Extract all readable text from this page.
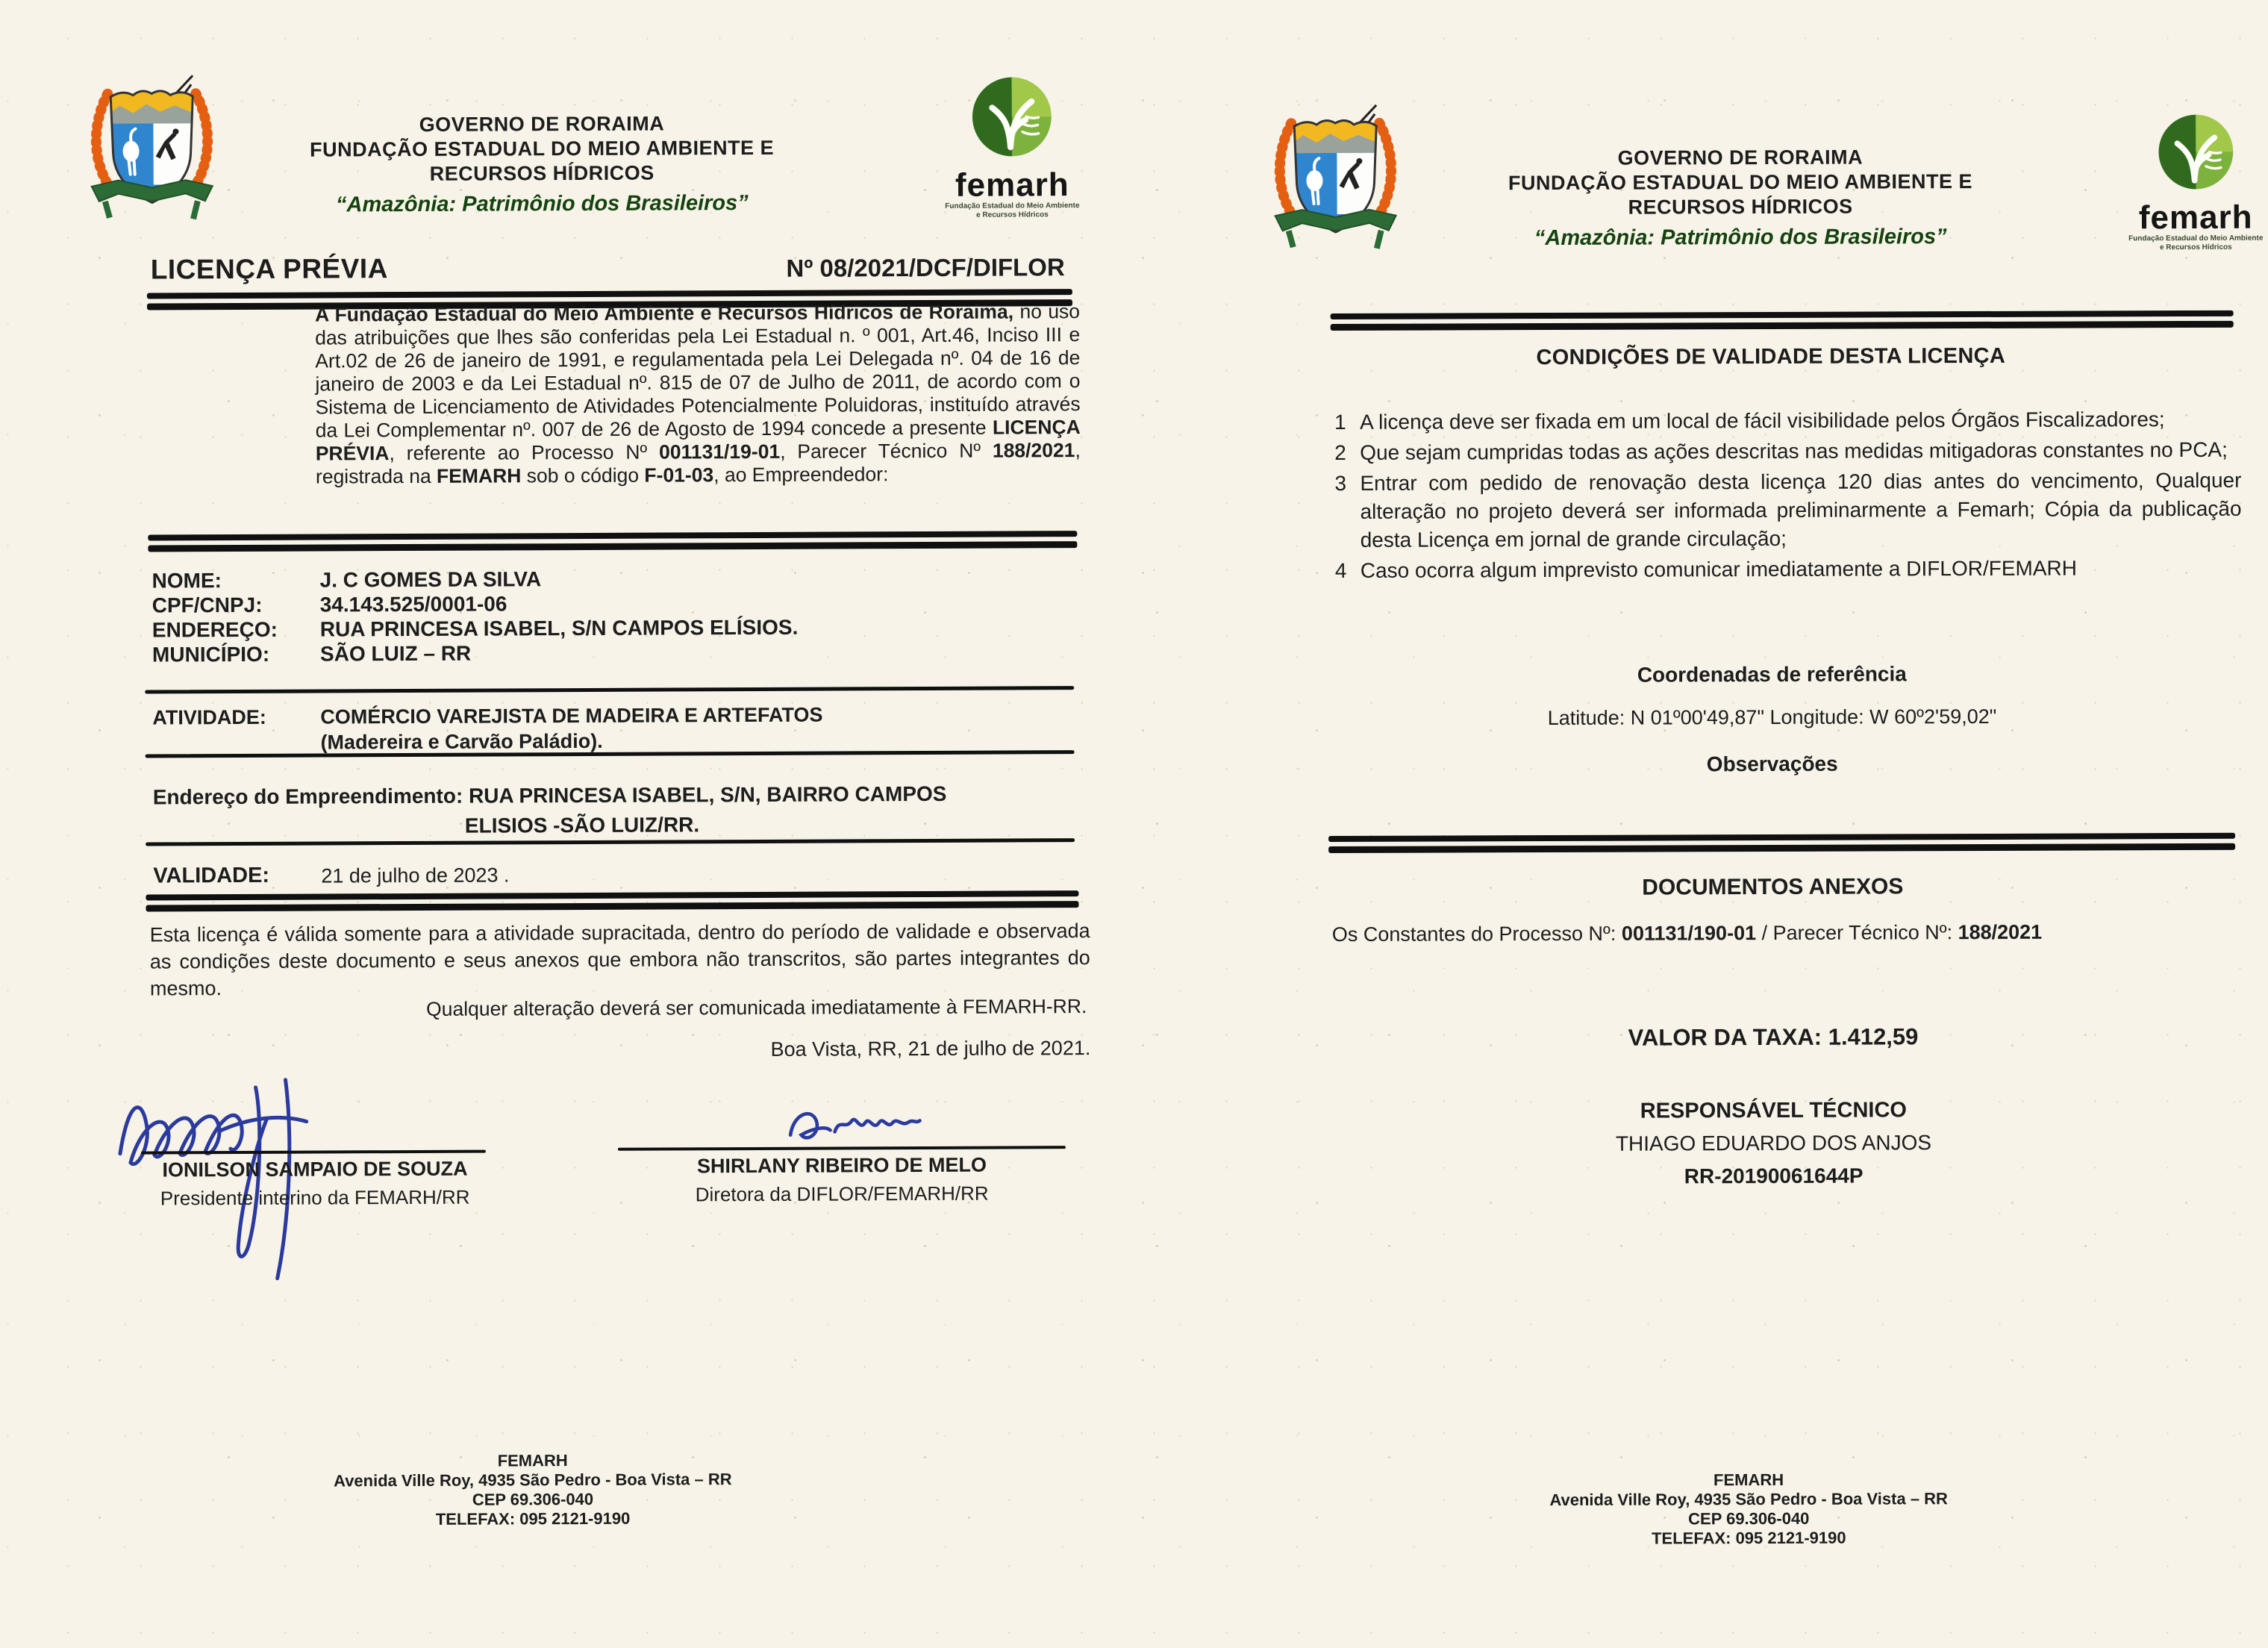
GOVERNO DE RORAIMA
FUNDAÇÃO ESTADUAL DO MEIO AMBIENTE E
RECURSOS HÍDRICOS
“Amazônia: Patrimônio dos Brasileiros”
femarh
Fundação Estadual do Meio Ambiente
e Recursos Hídricos
LICENÇA PRÉVIA	Nº 08/2021/DCF/DIFLOR

A Fundação Estadual do Meio Ambiente e Recursos Hídricos de Roraima, no uso das atribuições que lhes são conferidas pela Lei Estadual n. º 001, Art.46, Inciso III e Art.02 de 26 de janeiro de 1991, e regulamentada pela Lei Delegada nº. 04 de 16 de janeiro de 2003 e da Lei Estadual nº. 815 de 07 de Julho de 2011, de acordo com o Sistema de Licenciamento de Atividades Potencialmente Poluidoras, instituído através da Lei Complementar nº. 007 de 26 de Agosto de 1994 concede a presente LICENÇA PRÉVIA, referente ao Processo Nº 001131/19-01, Parecer Técnico Nº 188/2021, registrada na FEMARH sob o código F-01-03, ao Empreendedor:

NOME:	J. C GOMES DA SILVA
CPF/CNPJ:	34.143.525/0001-06
ENDEREÇO: RUA PRINCESA ISABEL, S/N CAMPOS ELÍSIOS.
MUNICÍPIO: SÃO LUIZ – RR
ATIVIDADE:	COMÉRCIO VAREJISTA DE MADEIRA E ARTEFATOS
(Madereira e Carvão Paládio).
Endereço do Empreendimento: RUA PRINCESA ISABEL, S/N, BAIRRO CAMPOS
ELISIOS -SÃO LUIZ/RR.
VALIDADE:	21 de julho de 2023 .

Esta licença é válida somente para a atividade supracitada, dentro do período de validade e observada as condições deste documento e seus anexos que embora não transcritos, são partes integrantes do mesmo.

Qualquer alteração deverá ser comunicada imediatamente à FEMARH-RR.
Boa Vista, RR, 21 de julho de 2021.
IONILSON SAMPAIO DE SOUZA
Presidente interino da FEMARH/RR
SHIRLANY RIBEIRO DE MELO
Diretora da DIFLOR/FEMARH/RR
FEMARH
Avenida Ville Roy, 4935 São Pedro - Boa Vista – RR
CEP 69.306-040
TELEFAX: 095 2121-9190
GOVERNO DE RORAIMA
FUNDAÇÃO ESTADUAL DO MEIO AMBIENTE E
RECURSOS HÍDRICOS
“Amazônia: Patrimônio dos Brasileiros”
femarh
Fundação Estadual do Meio Ambiente
e Recursos Hídricos
CONDIÇÕES DE VALIDADE DESTA LICENÇA
1 A licença deve ser fixada em um local de fácil visibilidade pelos Órgãos Fiscalizadores;
2 Que sejam cumpridas todas as ações descritas nas medidas mitigadoras constantes no PCA;
3 Entrar com pedido de renovação desta licença 120 dias antes do vencimento, Qualquer alteração no projeto deverá ser informada preliminarmente a Femarh; Cópia da publicação desta Licença em jornal de grande circulação;
4 Caso ocorra algum imprevisto comunicar imediatamente a DIFLOR/FEMARH
Coordenadas de referência
Latitude: N 01º00'49,87" Longitude: W 60º2'59,02"
Observações
DOCUMENTOS ANEXOS
Os Constantes do Processo Nº: 001131/190-01 / Parecer Técnico Nº: 188/2021
VALOR DA TAXA: 1.412,59
RESPONSÁVEL TÉCNICO
THIAGO EDUARDO DOS ANJOS
RR-20190061644P
FEMARH
Avenida Ville Roy, 4935 São Pedro - Boa Vista – RR
CEP 69.306-040
TELEFAX: 095 2121-9190
